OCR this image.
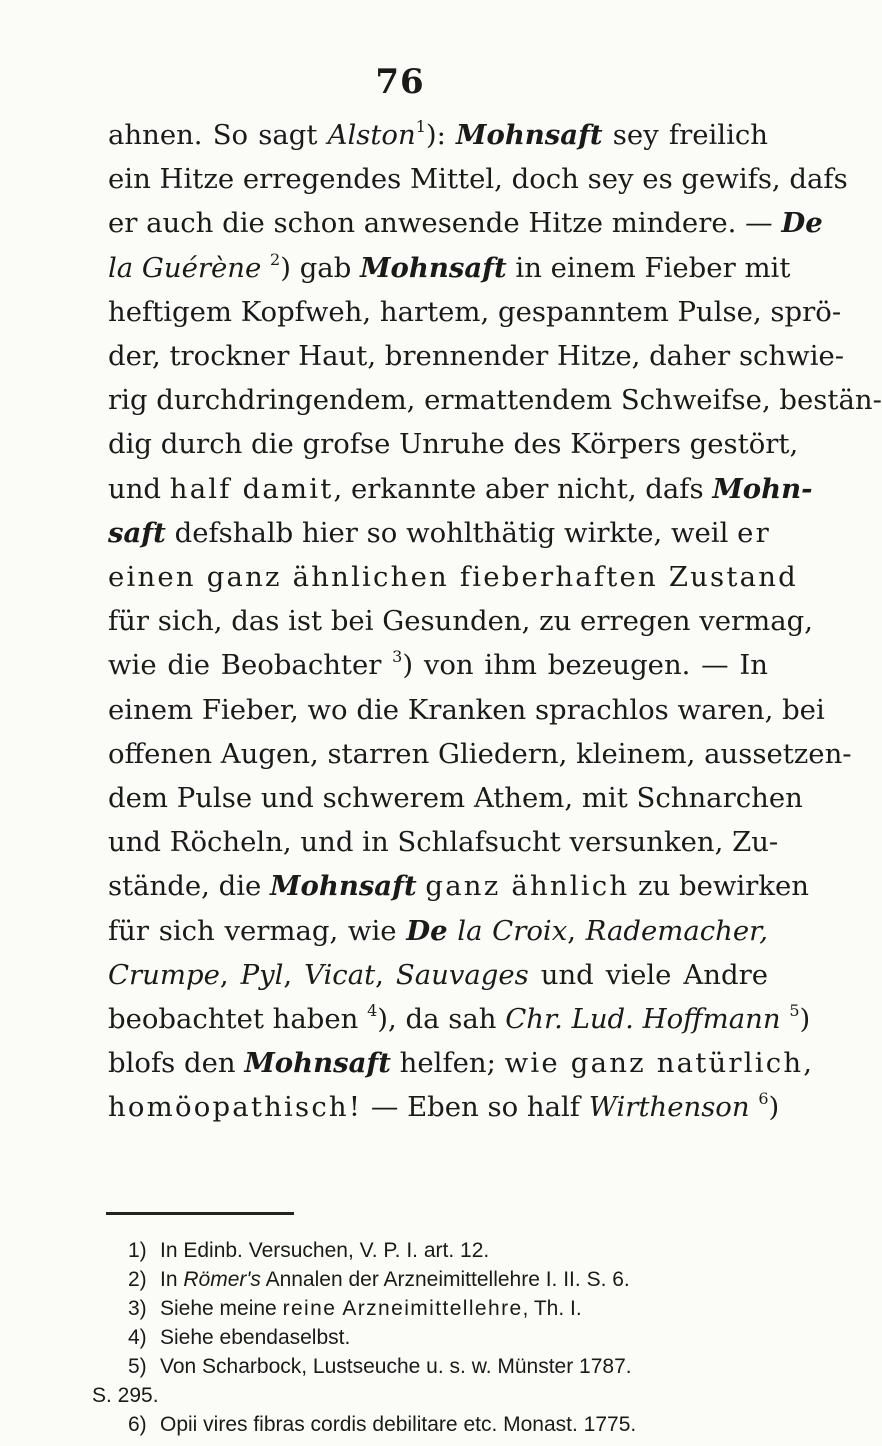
76
ahnen. So sagt Alston$^1$): Mohnsaft sey freilich
ein Hitze erregendes Mittel, doch sey es gewifs, dafs
er auch die schon anwesende Hitze mindere. — De
la Guérène $^2$) gab Mohnsaft in einem Fieber mit
heftigem Kopfweh, hartem, gespanntem Pulse, sprö-
der, trockner Haut, brennender Hitze, daher schwie-
rig durchdringendem, ermattendem Schweifse, bestän-
dig durch die grofse Unruhe des Körpers gestört,
und half damit, erkannte aber nicht, dafs Mohn-
saft defshalb hier so wohlthätig wirkte, weil er
einen ganz ähnlichen fieberhaften Zustand
für sich, das ist bei Gesunden, zu erregen vermag,
wie die Beobachter $^3$) von ihm bezeugen. — In
einem Fieber, wo die Kranken sprachlos waren, bei
offenen Augen, starren Gliedern, kleinem, aussetzen-
dem Pulse und schwerem Athem, mit Schnarchen
und Röcheln, und in Schlafsucht versunken, Zu-
stände, die Mohnsaft ganz ähnlich zu bewirken
für sich vermag, wie De la Croix, Rademacher,
Crumpe, Pyl, Vicat, Sauvages und viele Andre
beobachtet haben $^4$), da sah Chr. Lud. Hoffmann $^5$)
blofs den Mohnsaft helfen; wie ganz natürlich,
homöopathisch! — Eben so half Wirthenson $^6$)
1) In Edinb. Versuchen, V. P. I. art. 12.
2) In Römer's Annalen der Arzneimittellehre I. II. S. 6.
3) Siehe meine reine Arzneimittellehre, Th. I.
4) Siehe ebendaselbst.
5) Von Scharbock, Lustseuche u. s. w. Münster 1787.
S. 295.
6) Opii vires fibras cordis debilitare etc. Monast. 1775.
